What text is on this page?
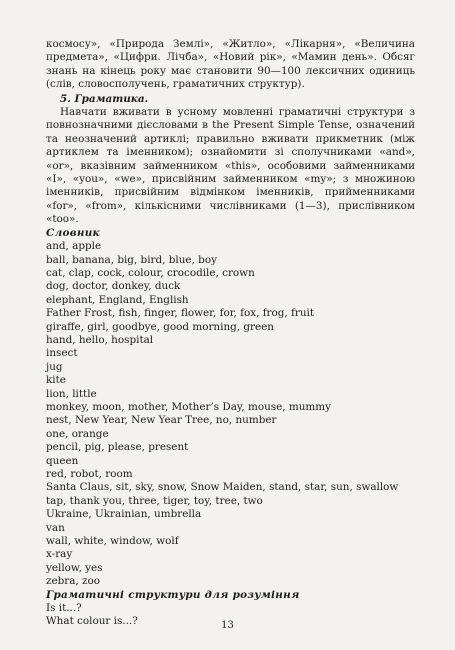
космосу», «Природа Землі», «Житло», «Лікарня», «Величина предмета», «Цифри. Лічба», «Новий рік», «Мамин день». Обсяг знань на кінець року має становити 90—100 лексичних одиниць (слів, словосполучень, граматичних структур).

5. Граматика.

Навчати вживати в усному мовленні граматичні структури з повнозначними дієсловами в the Present Simple Tense, означений та неозначений артиклі; правильно вживати прикметник (між артиклем та іменником); ознайомити зі сполучниками «and», «or», вказівним займенником «this», особовими займенниками «I», «you», «we», присвійним займенником «my»; з множиною іменників, присвійним відмінком іменників, прийменниками «for», «from», кількісними числівниками (1—3), прислівником «too».

Словник

and, apple

ball, banana, big, bird, blue, boy

cat, clap, cock, colour, crocodile, crown

dog, doctor, donkey, duck

elephant, England, English

Father Frost, fish, finger, flower, for, fox, frog, fruit

giraffe, girl, goodbye, good morning, green

hand, hello, hospital

insect

jug

kite

lion, little

monkey, moon, mother, Mother’s Day, mouse, mummy

nest, New Year, New Year Tree, no, number

one, orange

pencil, pig, please, present

queen

red, robot, room

Santa Claus, sit, sky, snow, Snow Maiden, stand, star, sun, swallow

tap, thank you, three, tiger, toy, tree, two

Ukraine, Ukrainian, umbrella

van

wall, white, window, wolf

x-ray

yellow, yes

zebra, zoo

Граматичні структури для розуміння

Is it...?

What colour is...?	13
